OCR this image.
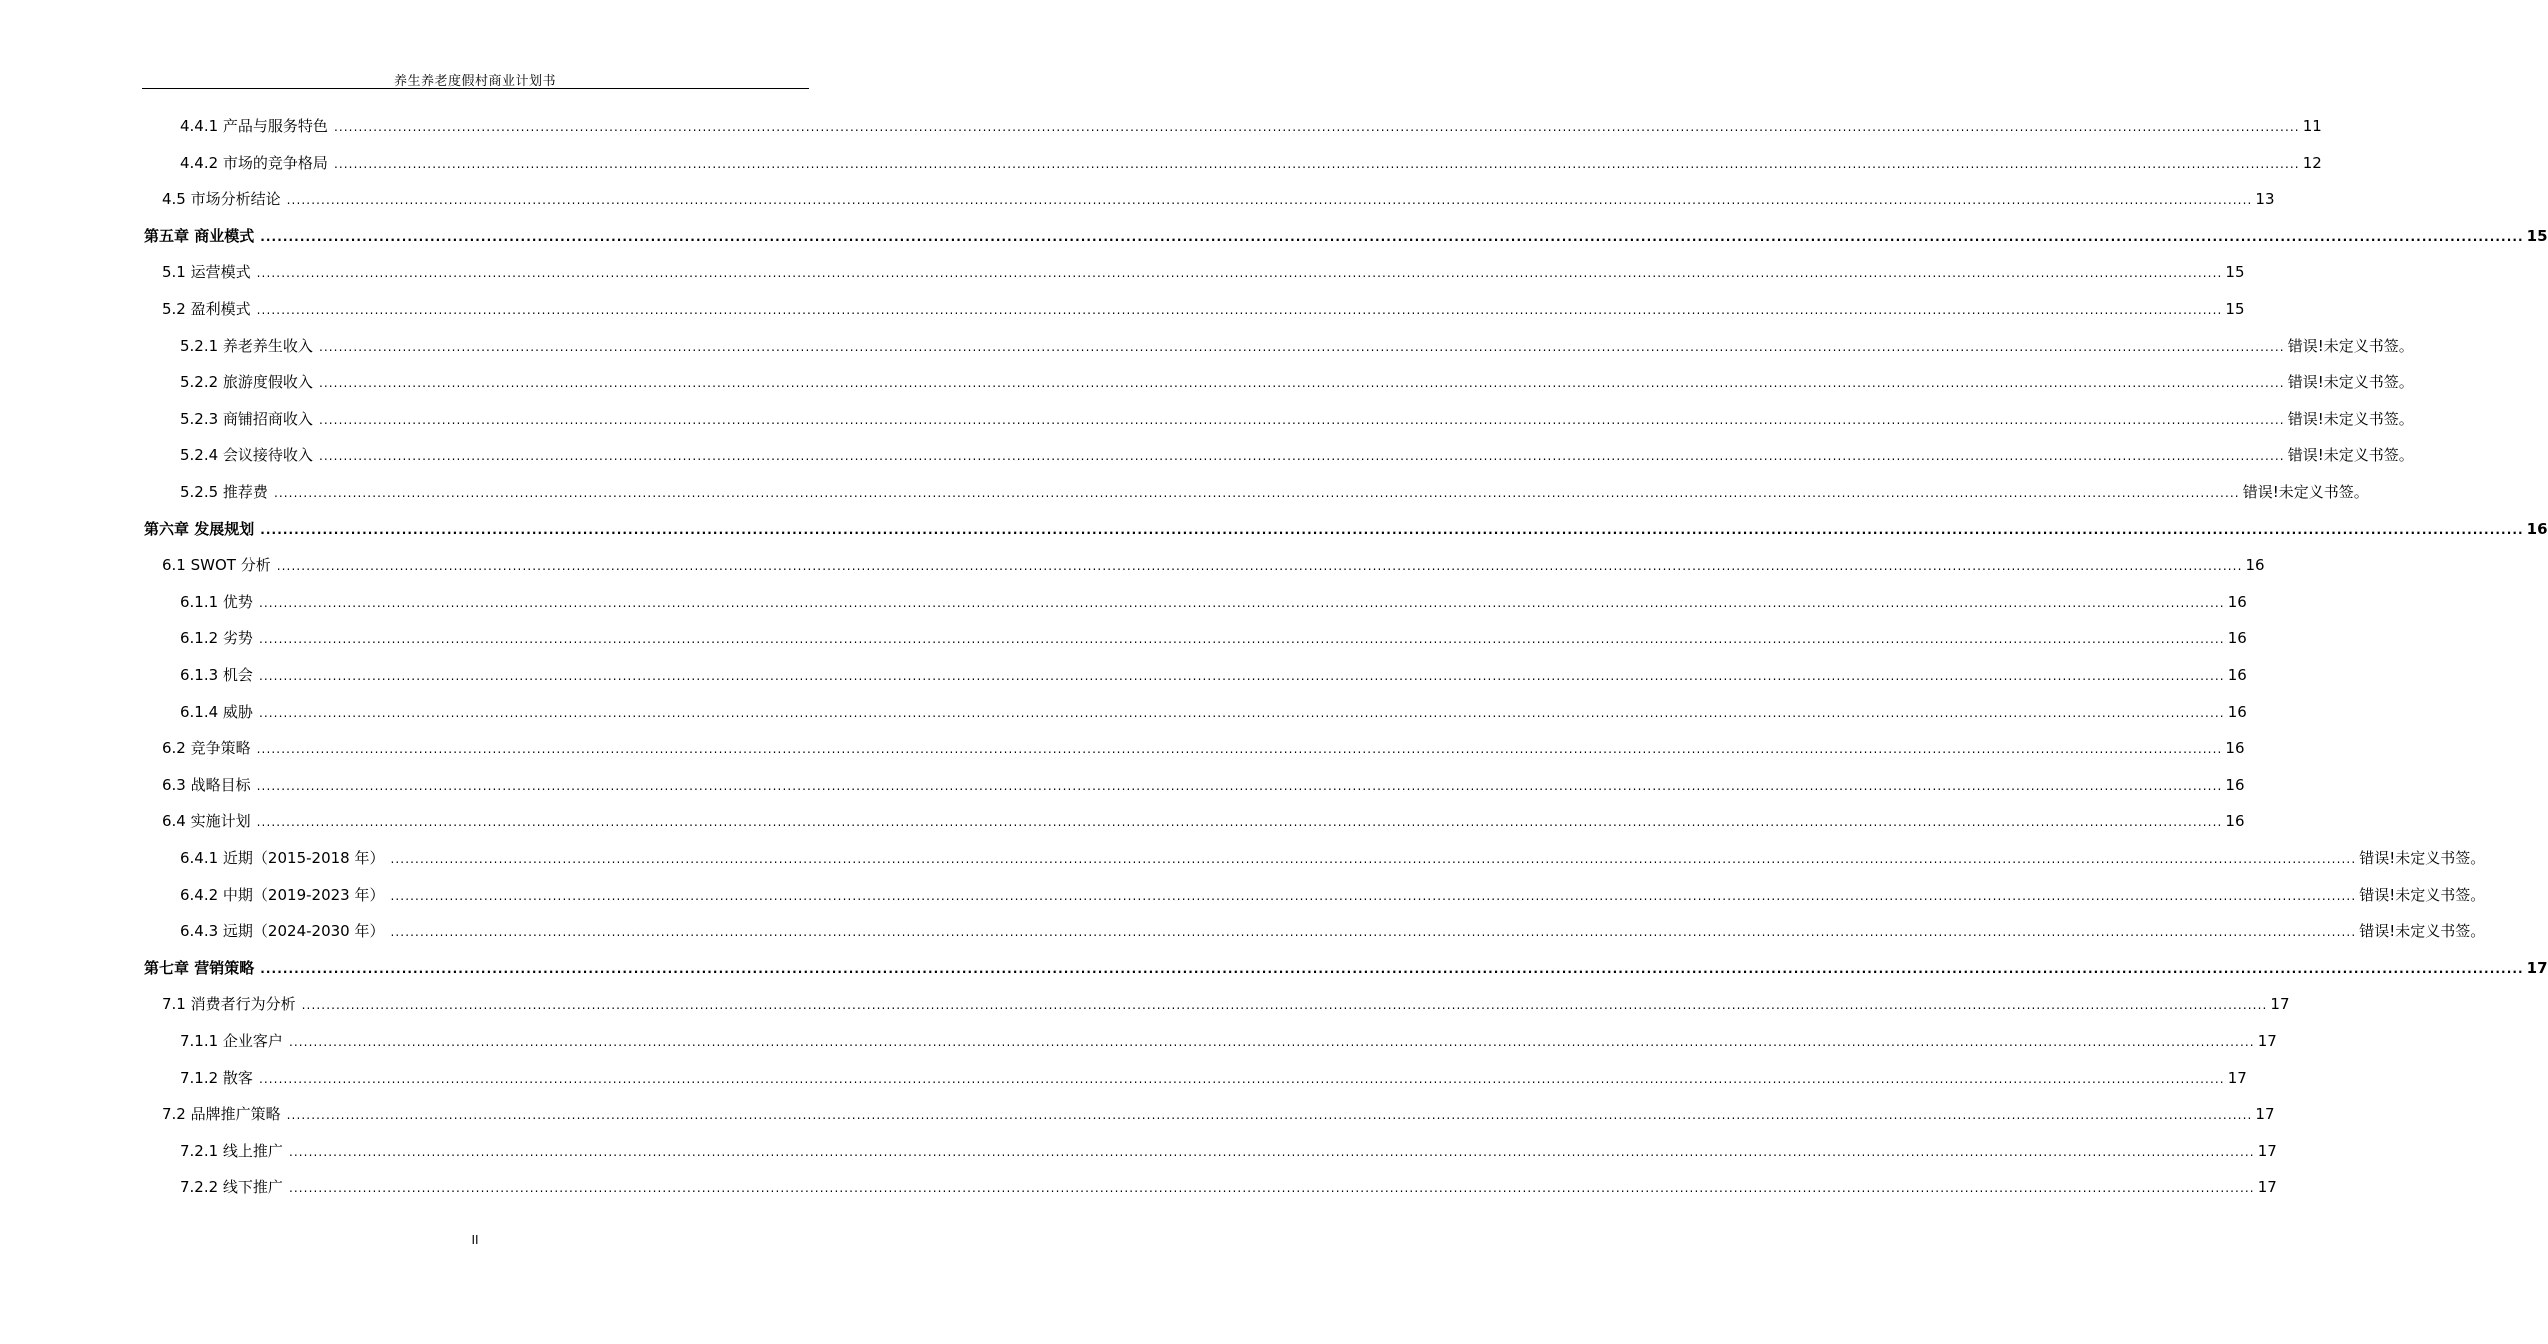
养生养老度假村商业计划书
4.4.1 产品与服务特色 ................................................................................................................................................................................................................................................................................................................................................................................................................ 11
4.4.2 市场的竞争格局 ................................................................................................................................................................................................................................................................................................................................................................................................................ 12
4.5 市场分析结论 ................................................................................................................................................................................................................................................................................................................................................................................................................ 13
第五章 商业模式 ................................................................................................................................................................................................................................................................................................................................................................................................................ 15
5.1 运营模式 ................................................................................................................................................................................................................................................................................................................................................................................................................ 15
5.2 盈利模式 ................................................................................................................................................................................................................................................................................................................................................................................................................ 15
5.2.1 养老养生收入 ................................................................................................................................................................................................................................................................................................................................................................................................................ 错误!未定义书签。
5.2.2 旅游度假收入 ................................................................................................................................................................................................................................................................................................................................................................................................................ 错误!未定义书签。
5.2.3 商铺招商收入 ................................................................................................................................................................................................................................................................................................................................................................................................................ 错误!未定义书签。
5.2.4 会议接待收入 ................................................................................................................................................................................................................................................................................................................................................................................................................ 错误!未定义书签。
5.2.5 推荐费 ................................................................................................................................................................................................................................................................................................................................................................................................................ 错误!未定义书签。
第六章 发展规划 ................................................................................................................................................................................................................................................................................................................................................................................................................ 16
6.1 SWOT 分析 ................................................................................................................................................................................................................................................................................................................................................................................................................ 16
6.1.1 优势 ................................................................................................................................................................................................................................................................................................................................................................................................................ 16
6.1.2 劣势 ................................................................................................................................................................................................................................................................................................................................................................................................................ 16
6.1.3 机会 ................................................................................................................................................................................................................................................................................................................................................................................................................ 16
6.1.4 威胁 ................................................................................................................................................................................................................................................................................................................................................................................................................ 16
6.2 竞争策略 ................................................................................................................................................................................................................................................................................................................................................................................................................ 16
6.3 战略目标 ................................................................................................................................................................................................................................................................................................................................................................................................................ 16
6.4 实施计划 ................................................................................................................................................................................................................................................................................................................................................................................................................ 16
6.4.1 近期（2015-2018 年） ................................................................................................................................................................................................................................................................................................................................................................................................................ 错误!未定义书签。
6.4.2 中期（2019-2023 年） ................................................................................................................................................................................................................................................................................................................................................................................................................ 错误!未定义书签。
6.4.3 远期（2024-2030 年） ................................................................................................................................................................................................................................................................................................................................................................................................................ 错误!未定义书签。
第七章 营销策略 ................................................................................................................................................................................................................................................................................................................................................................................................................ 17
7.1 消费者行为分析 ................................................................................................................................................................................................................................................................................................................................................................................................................ 17
7.1.1 企业客户 ................................................................................................................................................................................................................................................................................................................................................................................................................ 17
7.1.2 散客 ................................................................................................................................................................................................................................................................................................................................................................................................................ 17
7.2 品牌推广策略 ................................................................................................................................................................................................................................................................................................................................................................................................................ 17
7.2.1 线上推广 ................................................................................................................................................................................................................................................................................................................................................................................................................ 17
7.2.2 线下推广 ................................................................................................................................................................................................................................................................................................................................................................................................................ 17
II
